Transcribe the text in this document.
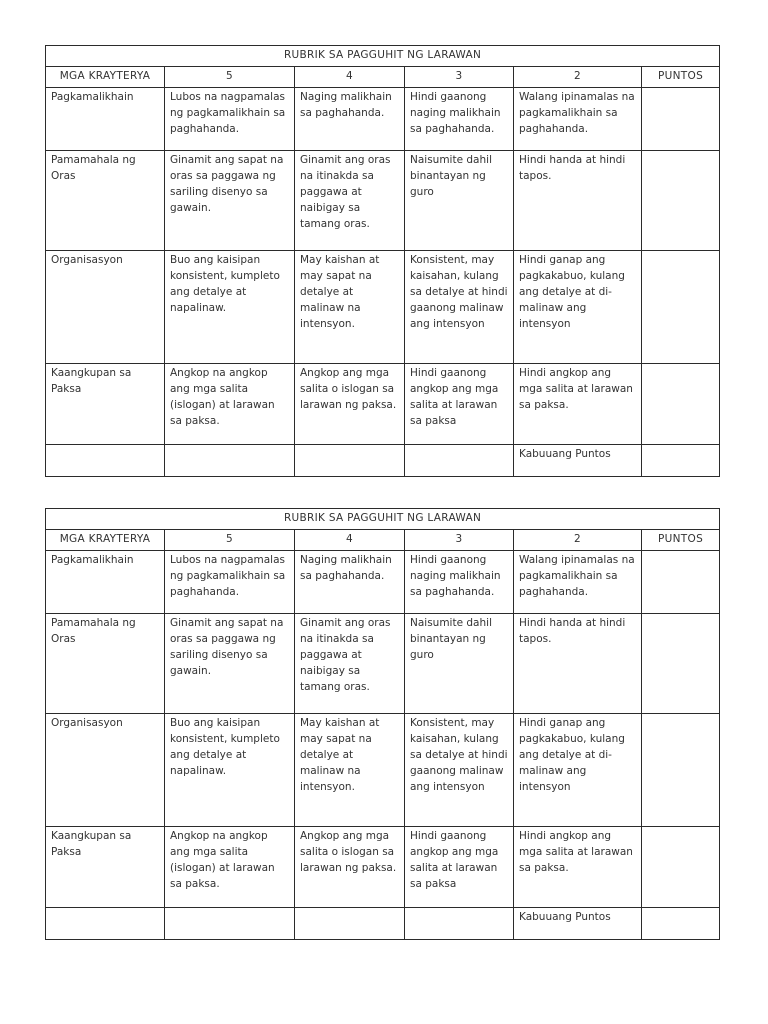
RUBRIK SA PAGGUHIT NG LARAWAN					
MGA KRAYTERYA	5	4	3	2	PUNTOS
Pagkamalikhain	Lubos na nagpamalas ng pagkamalikhain sa paghahanda.	Naging malikhain sa paghahanda.	Hindi gaanong naging malikhain sa paghahanda.	Walang ipinamalas na pagkamalikhain sa paghahanda.	
Pamamahala ng Oras	Ginamit ang sapat na oras sa paggawa ng sariling disenyo sa gawain.	Ginamit ang oras na itinakda sa paggawa at naibigay sa tamang oras.	Naisumite dahil binantayan ng guro	Hindi handa at hindi tapos.	
Organisasyon	Buo ang kaisipan konsistent, kumpleto ang detalye at napalinaw.	May kaishan at may sapat na detalye at malinaw na intensyon.	Konsistent, may kaisahan, kulang sa detalye at hindi gaanong malinaw ang intensyon	Hindi ganap ang pagkakabuo, kulang ang detalye at di-malinaw ang intensyon	
Kaangkupan sa Paksa	Angkop na angkop ang mga salita (islogan) at larawan sa paksa.	Angkop ang mga salita o islogan sa larawan ng paksa.	Hindi gaanong angkop ang mga salita at larawan sa paksa	Hindi angkop ang mga salita at larawan sa paksa.	
				Kabuuang Puntos	
RUBRIK SA PAGGUHIT NG LARAWAN					
MGA KRAYTERYA	5	4	3	2	PUNTOS
Pagkamalikhain	Lubos na nagpamalas ng pagkamalikhain sa paghahanda.	Naging malikhain sa paghahanda.	Hindi gaanong naging malikhain sa paghahanda.	Walang ipinamalas na pagkamalikhain sa paghahanda.	
Pamamahala ng Oras	Ginamit ang sapat na oras sa paggawa ng sariling disenyo sa gawain.	Ginamit ang oras na itinakda sa paggawa at naibigay sa tamang oras.	Naisumite dahil binantayan ng guro	Hindi handa at hindi tapos.	
Organisasyon	Buo ang kaisipan konsistent, kumpleto ang detalye at napalinaw.	May kaishan at may sapat na detalye at malinaw na intensyon.	Konsistent, may kaisahan, kulang sa detalye at hindi gaanong malinaw ang intensyon	Hindi ganap ang pagkakabuo, kulang ang detalye at di-malinaw ang intensyon	
Kaangkupan sa Paksa	Angkop na angkop ang mga salita (islogan) at larawan sa paksa.	Angkop ang mga salita o islogan sa larawan ng paksa.	Hindi gaanong angkop ang mga salita at larawan sa paksa	Hindi angkop ang mga salita at larawan sa paksa.	
				Kabuuang Puntos	
